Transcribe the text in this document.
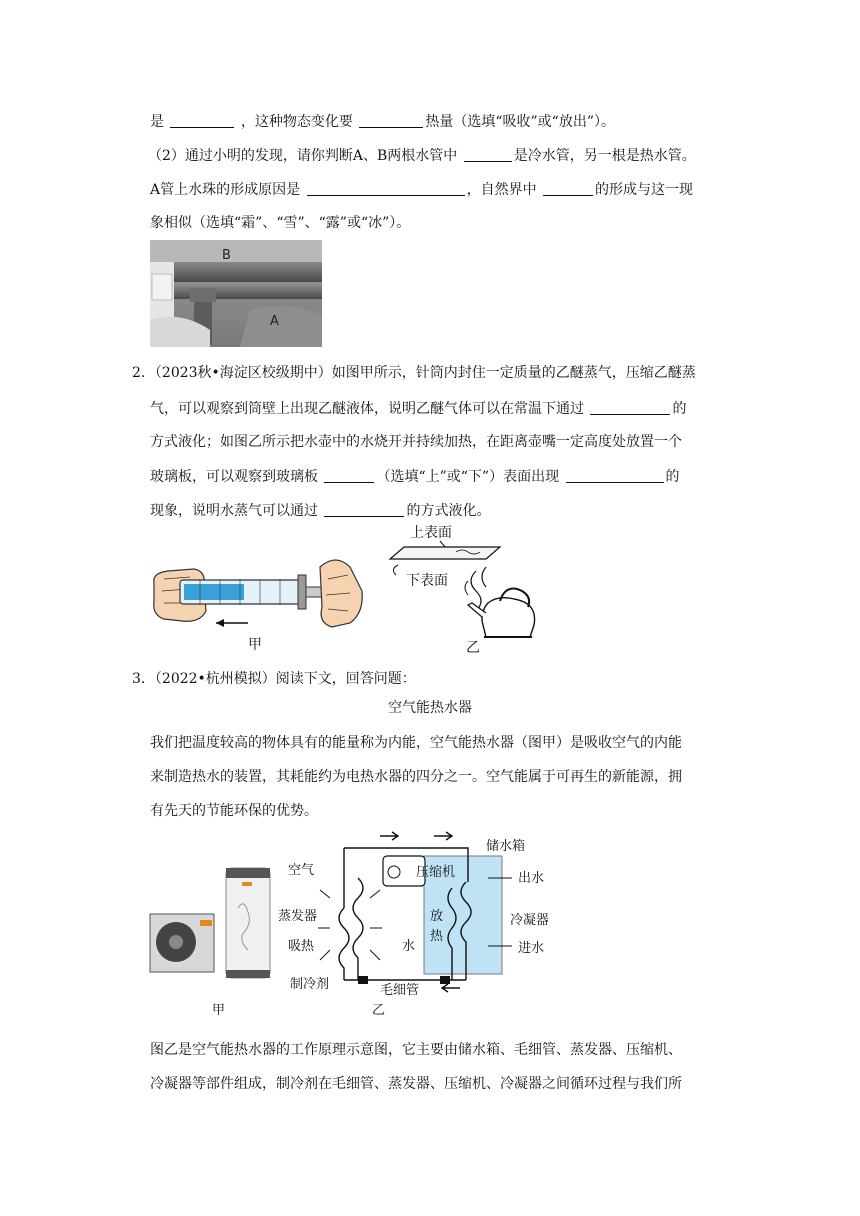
是	，这种物态变化要	热量（选填“吸收”或“放出”）。
（2）通过小明的发现，请你判断A、B两根水管中	是冷水管，另一根是热水管。
A管上水珠的形成原因是	，自然界中	的形成与这一现
象相似（选填“霜”、“雪”、“露”或“冰”）。
B
A
2．（2023秋•海淀区校级期中）如图甲所示，针筒内封住一定质量的乙醚蒸气，压缩乙醚蒸
气，可以观察到筒壁上出现乙醚液体，说明乙醚气体可以在常温下通过	的
方式液化；如图乙所示把水壶中的水烧开并持续加热，在距离壶嘴一定高度处放置一个
玻璃板，可以观察到玻璃板	（选填“上”或“下”）表面出现	的
现象，说明水蒸气可以通过	的方式液化。
甲
上表面
下表面
乙
3．（2022•杭州模拟）阅读下文，回答问题：
空气能热水器
我们把温度较高的物体具有的能量称为内能，空气能热水器（图甲）是吸收空气的内能
来制造热水的装置，其耗能约为电热水器的四分之一。空气能属于可再生的新能源，拥
有先天的节能环保的优势。
甲
空气
蒸发器
吸热
制冷剂	毛细管
压缩机
储水箱
出水
冷凝器
放
热
水	进水
乙
图乙是空气能热水器的工作原理示意图，它主要由储水箱、毛细管、蒸发器、压缩机、
冷凝器等部件组成，制冷剂在毛细管、蒸发器、压缩机、冷凝器之间循环过程与我们所
